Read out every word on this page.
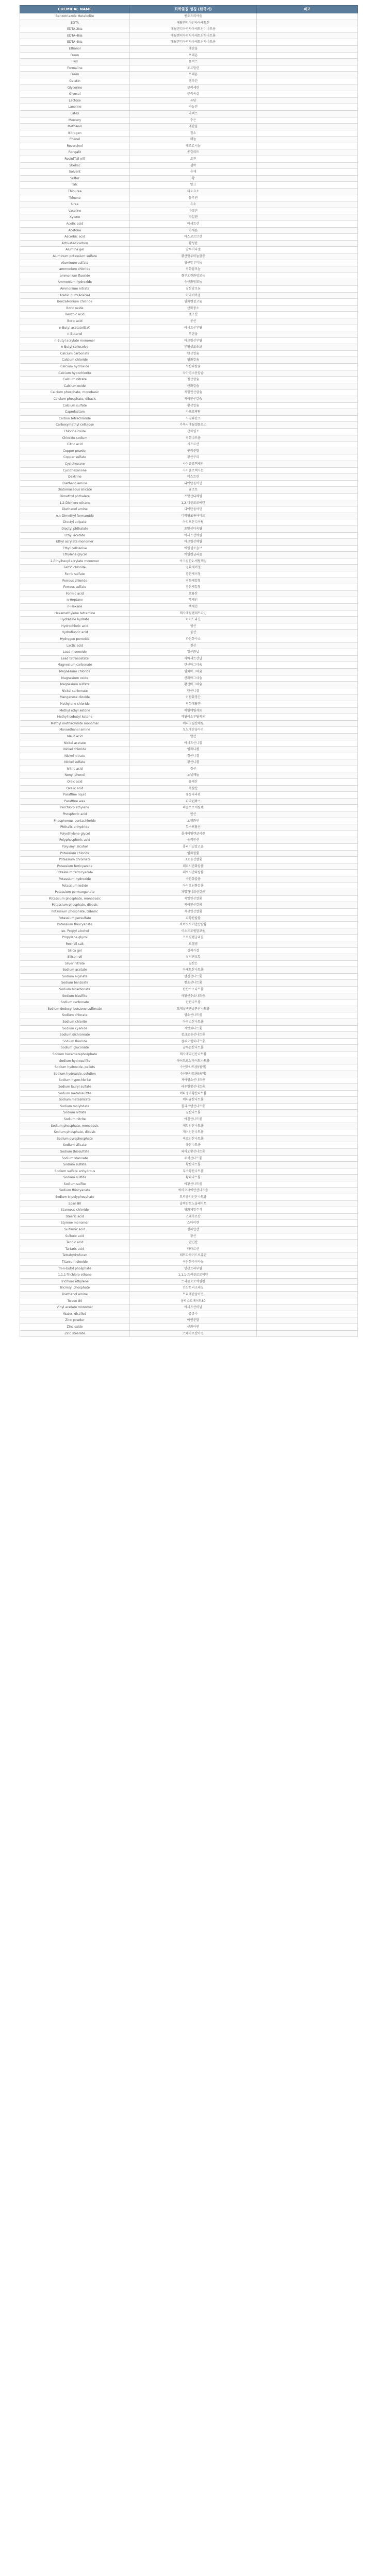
CHEMICAL NAME	화학물질 명칭 (한국어)	비고
Benzotriazole Metabolite	벤조트리아졸	
EDTA	에틸렌디아민사아세트산	
EDTA-2Na	에틸렌디아민사아세트산이나트륨	
EDTA-4Na	에틸렌디아민사아세트산사나트륨	
EDTA-4Na	에틸렌디아민사아세트산사나트륨	
Ethanol	에탄올	
Freon	프레온	
Flux	플럭스	
Formaline	포르말린	
Freon	프레온	
Gelatin	젤라틴	
Glycerine	글리세린	
Glyoxal	글리옥살	
Lactose	유당	
Lanoline	라놀린	
Latex	라텍스	
Mercury	수은	
Methanol	메탄올	
Nitrogen	질소	
Phenol	페놀	
Resorcinol	레조르시놀	
Rongalit	롱갈리트	
Rosin(Tall oil)	로진	
Shellac	셸락	
Solvent	용제	
Sulfur	황	
Talc	탈크	
Thiourea	티오요소	
Toluene	톨루엔	
Urea	요소	
Vaseline	바셀린	
Xylene	자일렌	
Acetic acid	아세트산	
Acetone	아세톤	
Ascorbic acid	아스코르브산	
Activated carbon	활성탄	
Alumina gel	알루미나겔	
Aluminum potassium sulfate	황산알루미늄칼륨	
Aluminum sulfate	황산알루미늄	
ammonium chloride	염화암모늄	
ammonium fluoride	플루오린화암모늄	
Ammonium hydroxide	수산화암모늄	
Ammonium nitrate	질산암모늄	
Arabic gum(Acacia)	아라비아검	
Benzalkonium chloride	염화벤잘코늄	
Boric oxide	산화붕소	
Benzoic acid	벤조산	
Boric acid	붕산	
n-Butyl acetate(E.A)	아세트산부틸	
n-Butanol	부탄올	
n-Butyl acrylate monomer	아크릴산부틸	
n-Butyl cellosolve	부틸셀로솔브	
Calcium carbonate	탄산칼슘	
Calcium chloride	염화칼슘	
Calcium hydroxide	수산화칼슘	
Calcium hypochlorite	차아염소산칼슘	
Calcium nitrate	질산칼슘	
Calcium oxide	산화칼슘	
Calcium phosphate, monobasic	제일인산칼슘	
Calcium phosphate, dibasic	제이인산칼슘	
Calcium sulfate	황산칼슘	
Caprolactam	카프로락탐	
Carbon tetrachloride	사염화탄소	
Carboxymethyl cellulose	카복시메틸셀룰로스	
Chlorine oxide	산화염소	
Chloride sodium	염화나트륨	
Citric acid	시트르산	
Copper powder	구리분말	
Copper sulfate	황산구리	
Cyclohexane	사이클로헥세인	
Cyclohexanone	사이클로헥사논	
Dextrine	덱스트린	
Diethanolamine	디에탄올아민	
Diatomaceous silicate	규조토	
Dimethyl phthalate	프탈산디메틸	
1,2-Dichloro ethane	1,2-디클로로에탄	
Diethanol amine	디에탄올아민	
n,n-Dimethyl formamide	디메틸포름아미드	
Dioctyl adipate	아디프산디옥틸	
Dioctyl phthalate	프탈산디옥틸	
Ethyl acetate	아세트산에틸	
Ethyl acrylate monomer	아크릴산에틸	
Ethyl cellosolve	에틸셀로솔브	
Ethylene glycol	에틸렌글리콜	
2-Ethylhexyl acrylate monomer	아크릴산2-에틸헥실	
Ferric chloride	염화제이철	
Ferric sulfate	황산제이철	
Ferrous chloride	염화제일철	
Ferrous sulfate	황산제일철	
Formic acid	포름산	
n-Heptane	헵테인	
n-Hexane	헥세인	
Hexamethylene tetramine	헥사메틸렌테트라민	
Hydrazine hydrate	하이드라진	
Hydrochloric acid	염산	
Hydrofluoric acid	불산	
Hydrogen peroxide	과산화수소	
Lactic acid	젖산	
Lead monoxide	일산화납	
Lead tetraacetate	사아세트산납	
Magnesium carbonate	탄산마그네슘	
Magnesium chloride	염화마그네슘	
Magnesium oxide	산화마그네슘	
Magnesium sulfate	황산마그네슘	
Nickel carbonate	탄산니켈	
Manganese dioxide	이산화망간	
Methylene chloride	염화메틸렌	
Methyl ethyl ketone	메틸에틸케톤	
Methyl isobutyl ketone	메틸이소부틸케톤	
Methyl methacrylate monomer	메타크릴산메틸	
Monoethanol amine	모노에탄올아민	
Malic acid	말산	
Nickel acetate	아세트산니켈	
Nickel chloride	염화니켈	
Nickel nitrate	질산니켈	
Nickel sulfate	황산니켈	
Nitric acid	질산	
Nonyl phenol	노닐페놀	
Oleic acid	올레산	
Oxalic acid	옥살산	
Paraffine liquid	유동파라핀	
Paraffine wax	파라핀왁스	
Perchloro ethylene	퍼클로로에틸렌	
Phosphoric acid	인산	
Phosphorous pentachloride	오염화인	
Phthalic anhydride	무수프탈산	
Polyethylene glycol	폴리에틸렌글리콜	
Polyphosphoric acid	폴리인산	
Polyvinyl alcohol	폴리비닐알코올	
Potassium chloride	염화칼륨	
Potassium chromate	크로뮴산칼륨	
Potassium ferricyanide	페리시안화칼륨	
Potassium ferrocyanide	페로시안화칼륨	
Potassium hydroxide	수산화칼륨	
Potassium iodide	아이오딘화칼륨	
Potassium permanganate	과망가니즈산칼륨	
Potassium phosphate, monobasic	제일인산칼륨	
Potassium phosphate, dibasic	제이인산칼륨	
Potassium phosphate, tribasic	제삼인산칼륨	
Potassium persulfate	과황산칼륨	
Potassium thiocyanate	싸이오사이안산칼륨	
Iso- Propyl alcohol	이소프로필알코올	
Propylene glycol	프로필렌글리콜	
Rochell salt	로셀염	
Silica gel	실리카겔	
Silicon oil	실리콘오일	
Silver nitrate	질산은	
Sodium acetate	아세트산나트륨	
Sodium alginate	알긴산나트륨	
Sodium benzoate	벤조산나트륨	
Sodium bicarbonate	탄산수소나트륨	
Sodium bisulfite	아황산수소나트륨	
Sodium carbonate	탄산나트륨	
Sodium dodecyl benzene sulfonate	도데실벤젠술폰산나트륨	
Sodium chlorate	염소산나트륨	
Sodium chlorite	아염소산나트륨	
Sodium cyanide	시안화나트륨	
Sodium dichromate	중크로뮴산나트륨	
Sodium fluoride	플루오린화나트륨	
Sodium gluconate	글루콘산나트륨	
Sodium hexametaphosphate	헥사메타인산나트륨	
Sodium hydrosulfite	하이드로설파이트나트륨	
Sodium hydroxide, pellets	수산화나트륨(펠렛)	
Sodium hydroxide, solution	수산화나트륨(용액)	
Sodium hypochlorite	차아염소산나트륨	
Sodium lauryl sulfate	라우릴황산나트륨	
Sodium metabisulfite	메타중아황산나트륨	
Sodium metasilicate	메타규산나트륨	
Sodium molybdate	몰리브덴산나트륨	
Sodium nitrate	질산나트륨	
Sodium nitrite	아질산나트륨	
Sodium phosphate, monobasic	제일인산나트륨	
Sodium phosphate, dibasic	제이인산나트륨	
Sodium pyrophosphate	피로인산나트륨	
Sodium silicate	규산나트륨	
Sodium thiosulfate	싸이오황산나트륨	
Sodium stannate	주석산나트륨	
Sodium sulfate	황산나트륨	
Sodium sulfate anhydrous	무수황산나트륨	
Sodium sulfide	황화나트륨	
Sodium sulfite	아황산나트륨	
Sodium thiocyanate	싸이오사이안산나트륨	
Sodium tripolyphosphate	트리폴리인산나트륨	
Span 80	솔비탄모노올레이트	
Stannous chloride	염화제일주석	
Stearic acid	스테아르산	
Styrene monomer	스타이렌	
Sulfamic acid	설파민산	
Sulfuric acid	황산	
Tannic acid	탄닌산	
Tartaric acid	타타르산	
Tetrahydrofuran	테트라하이드로퓨란	
Titanium dioxide	이산화타이타늄	
Tri-n-butyl phosphate	인산트리부틸	
1,1,1-Trichloro ethane	1,1,1-트리클로로에탄	
Trichloro ethylene	트리클로로에틸렌	
Tricresyl phosphate	인산트리크레실	
Triethanol amine	트리에탄올아민	
Tween 80	폴리소르베이트80	
Vinyl acetate monomer	아세트산비닐	
Water, distilled	증류수	
Zinc powder	아연분말	
Zinc oxide	산화아연	
Zinc stearate	스테아르산아연	
